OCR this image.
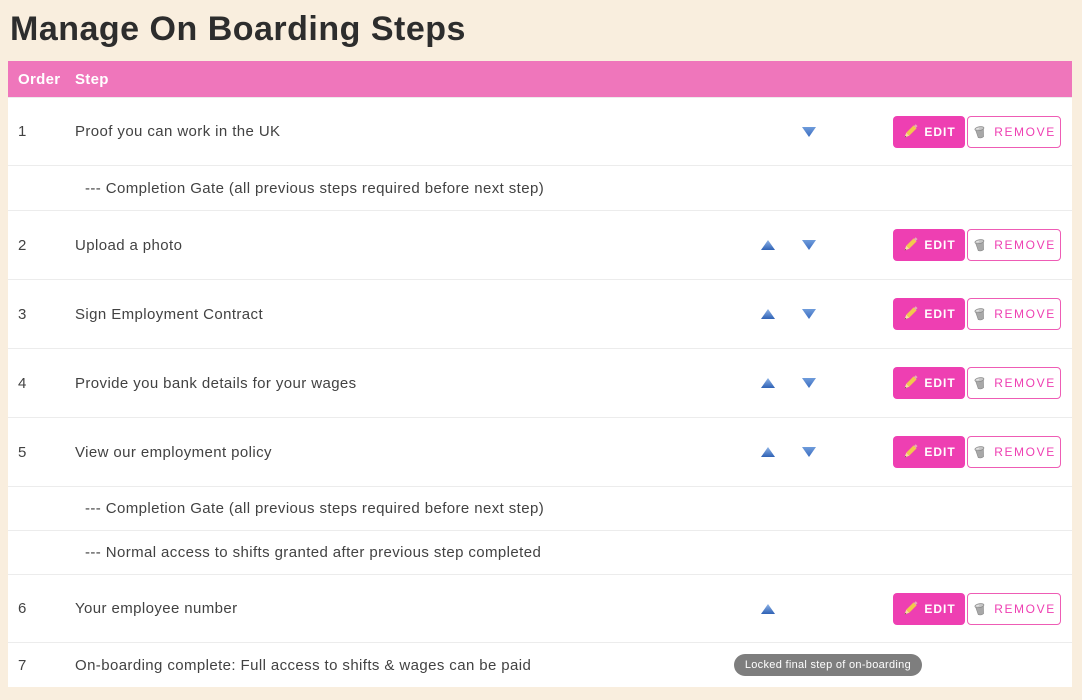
Manage On Boarding Steps
Order Step
1	Proof you can work in the UK	EDIT	REMOVE
--- Completion Gate (all previous steps required before next step)
2	Upload a photo	EDIT	REMOVE
3	Sign Employment Contract	EDIT	REMOVE
4	Provide you bank details for your wages	EDIT	REMOVE
5	View our employment policy	EDIT	REMOVE
--- Completion Gate (all previous steps required before next step)
--- Normal access to shifts granted after previous step completed
6	Your employee number	EDIT	REMOVE
7	On-boarding complete: Full access to shifts & wages can be paid	Locked final step of on-boarding
